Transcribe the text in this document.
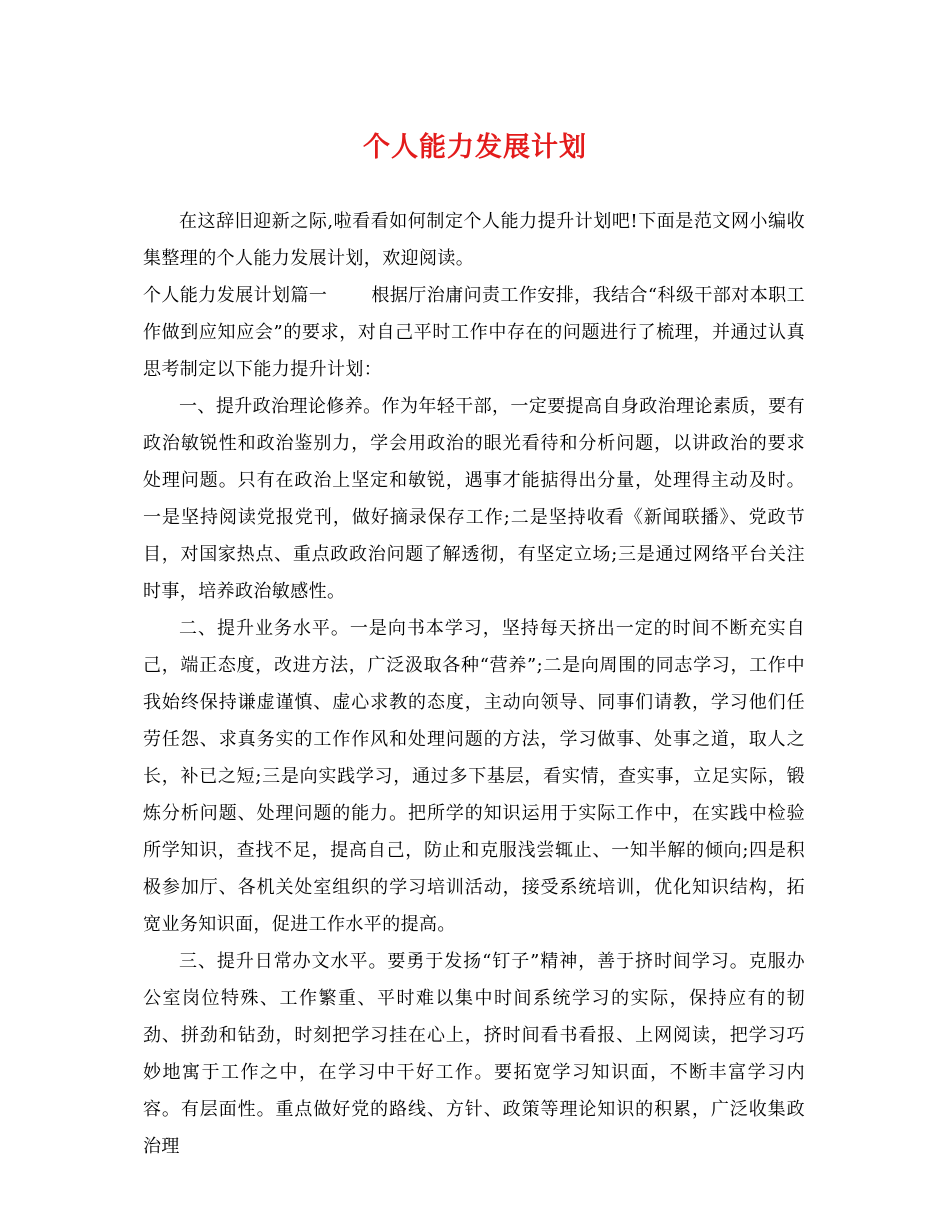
个人能力发展计划

在这辞旧迎新之际,啦看看如何制定个人能力提升计划吧!下面是范文网小编收集整理的个人能力发展计划，欢迎阅读。

个人能力发展计划篇一 根据厅治庸问责工作安排，我结合“科级干部对本职工作做到应知应会”的要求，对自己平时工作中存在的问题进行了梳理，并通过认真思考制定以下能力提升计划：

一、提升政治理论修养。作为年轻干部，一定要提高自身政治理论素质，要有政治敏锐性和政治鉴别力，学会用政治的眼光看待和分析问题，以讲政治的要求处理问题。只有在政治上坚定和敏锐，遇事才能掂得出分量，处理得主动及时。一是坚持阅读党报党刊，做好摘录保存工作;二是坚持收看《新闻联播》、党政节目，对国家热点、重点政政治问题了解透彻，有坚定立场;三是通过网络平台关注时事，培养政治敏感性。

二、提升业务水平。一是向书本学习，坚持每天挤出一定的时间不断充实自己，端正态度，改进方法，广泛汲取各种“营养”;二是向周围的同志学习，工作中我始终保持谦虚谨慎、虚心求教的态度，主动向领导、同事们请教，学习他们任劳任怨、求真务实的工作作风和处理问题的方法，学习做事、处事之道，取人之长，补已之短;三是向实践学习，通过多下基层，看实情，查实事，立足实际，锻炼分析问题、处理问题的能力。把所学的知识运用于实际工作中，在实践中检验所学知识，查找不足，提高自己，防止和克服浅尝辄止、一知半解的倾向;四是积极参加厅、各机关处室组织的学习培训活动，接受系统培训，优化知识结构，拓宽业务知识面，促进工作水平的提高。

三、提升日常办文水平。要勇于发扬“钉子”精神，善于挤时间学习。克服办公室岗位特殊、工作繁重、平时难以集中时间系统学习的实际，保持应有的韧劲、拼劲和钻劲，时刻把学习挂在心上，挤时间看书看报、上网阅读，把学习巧妙地寓于工作之中，在学习中干好工作。要拓宽学习知识面，不断丰富学习内容。有层面性。重点做好党的路线、方针、政策等理论知识的积累，广泛收集政治理
